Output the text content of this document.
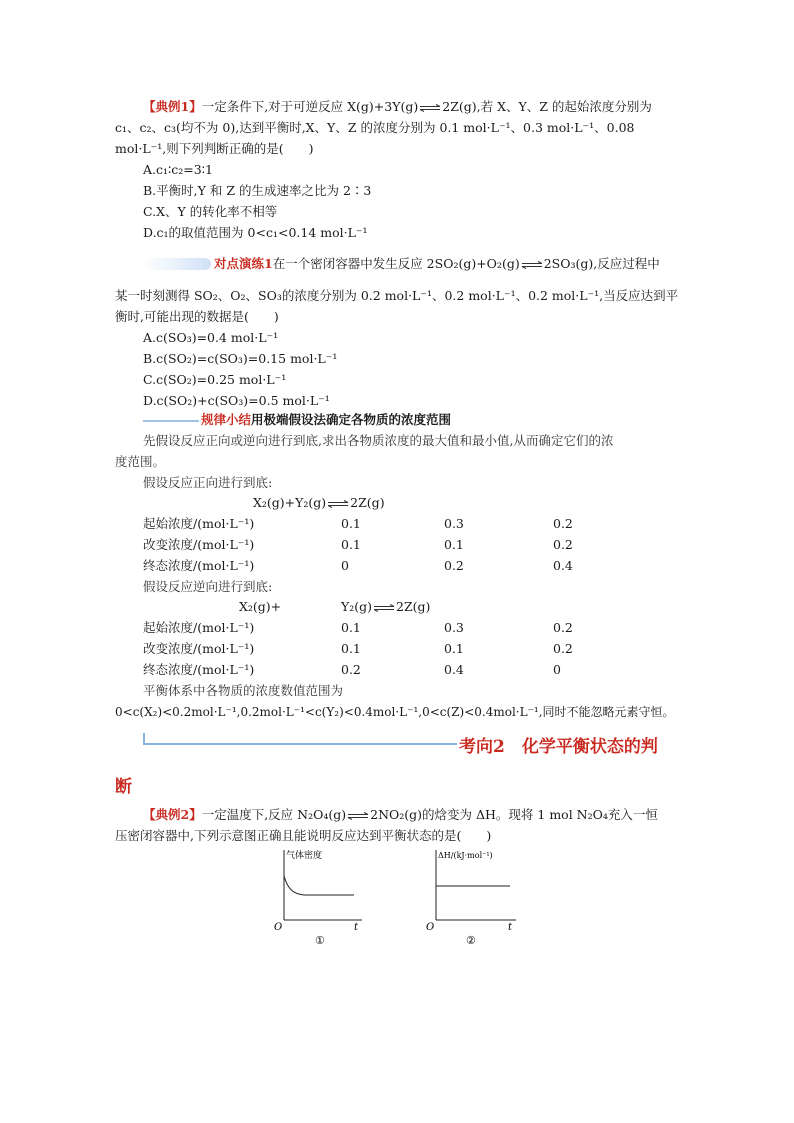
【典例1】一定条件下,对于可逆反应 X(g)+3Y(g)⇌2Z(g),若 X、Y、Z 的起始浓度分别为
c₁、c₂、c₃(均不为 0),达到平衡时,X、Y、Z 的浓度分别为 0.1 mol·L⁻¹、0.3 mol·L⁻¹、0.08
mol·L⁻¹,则下列判断正确的是(　　)
A.c₁∶c₂=3∶1
B.平衡时,Y 和 Z 的生成速率之比为 2∶3
C.X、Y 的转化率不相等
D.c₁的取值范围为 0<c₁<0.14 mol·L⁻¹
对点演练1在一个密闭容器中发生反应 2SO₂(g)+O₂(g)⇌2SO₃(g),反应过程中
某一时刻测得 SO₂、O₂、SO₃的浓度分别为 0.2 mol·L⁻¹、0.2 mol·L⁻¹、0.2 mol·L⁻¹,当反应达到平
衡时,可能出现的数据是(　　)
A.c(SO₃)=0.4 mol·L⁻¹
B.c(SO₂)=c(SO₃)=0.15 mol·L⁻¹
C.c(SO₂)=0.25 mol·L⁻¹
D.c(SO₂)+c(SO₃)=0.5 mol·L⁻¹
规律小结用极端假设法确定各物质的浓度范围
先假设反应正向或逆向进行到底,求出各物质浓度的最大值和最小值,从而确定它们的浓
度范围。
假设反应正向进行到底:
X₂(g)+Y₂(g)⇌2Z(g)
起始浓度/(mol·L⁻¹)	0.1	0.3	0.2
改变浓度/(mol·L⁻¹)	0.1	0.1	0.2
终态浓度/(mol·L⁻¹)	0	0.2	0.4
假设反应逆向进行到底:
X₂(g)+	Y₂(g)⇌2Z(g)
起始浓度/(mol·L⁻¹)	0.1	0.3	0.2
改变浓度/(mol·L⁻¹)	0.1	0.1	0.2
终态浓度/(mol·L⁻¹)	0.2	0.4	0
平衡体系中各物质的浓度数值范围为
0<c(X₂)<0.2mol·L⁻¹,0.2mol·L⁻¹<c(Y₂)<0.4mol·L⁻¹,0<c(Z)<0.4mol·L⁻¹,同时不能忽略元素守恒。
考向2　化学平衡状态的判
断
【典例2】一定温度下,反应 N₂O₄(g)⇌2NO₂(g)的焓变为 ΔH。现将 1 mol N₂O₄充入一恒
压密闭容器中,下列示意图正确且能说明反应达到平衡状态的是(　　)
气体密度
t
O
①
ΔH/(kJ·mol⁻¹)
t
O
②
